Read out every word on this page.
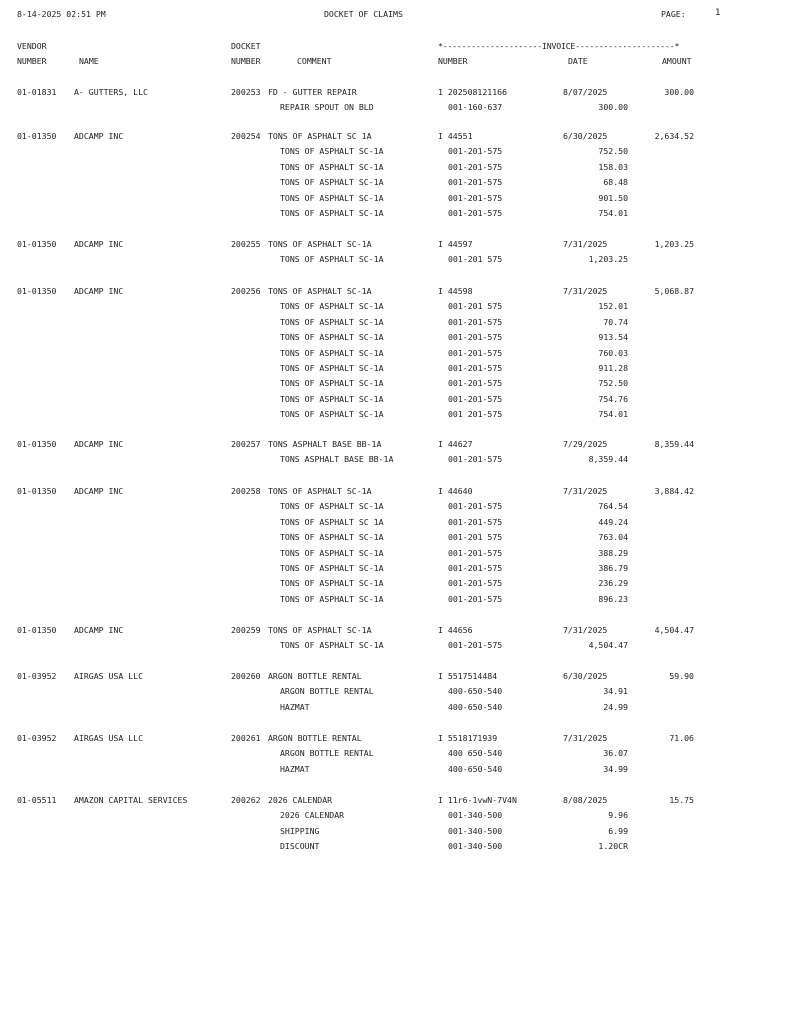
8-14-2025 02:51 PM	DOCKET OF CLAIMS	PAGE:	1
VENDOR
NUMBER	NAME
DOCKET
NUMBER	COMMENT
*---------------------INVOICE---------------------*
NUMBER	DATE	AMOUNT
01-01831 A- GUTTERS, LLC	200253 FD - GUTTER REPAIR	1 202508121166	8/07/2025	300.00
REPAIR SPOUT ON BLD	001-160-637	300.00
01-01350 ADCAMP INC	200254 TONS OF ASPHALT SC 1A	I 44551	6/30/2025	2,634.52
TONS OF ASPHALT SC-1A	001-201-575	752.50
TONS OF ASPHALT SC-1A	001-201-575	158.03
TONS OF ASPHALT SC-1A	001-201-575	68.48
TONS OF ASPHALT SC-1A	001-201-575	901.50
TONS OF ASPHALT SC-1A	001-201-575	754.01
01-01350 ADCAMP INC	200255 TONS OF ASPHALT SC-1A	I 44597	7/31/2025	1,203.25
TONS OF ASPHALT SC-1A	001-201 575	1,203.25
01-01350 ADCAMP INC	200256 TONS OF ASPHALT SC-1A	I 44598	7/31/2025	5,068.87
TONS OF ASPHALT SC-1A	001-201 575	152.01
TONS OF ASPHALT SC-1A	001-201-575	70.74
TONS OF ASPHALT SC-1A	001-201-575	913.54
TONS OF ASPHALT SC-1A	001-201-575	760.03
TONS OF ASPHALT SC-1A	001-201-575	911.28
TONS OF ASPHALT SC-1A	001-201-575	752.50
TONS OF ASPHALT SC-1A	001-201-575	754.76
TONS OF ASPHALT SC-1A	001 201-575	754.01
01-01350 ADCAMP INC	200257 TONS ASPHALT BASE BB-1A	I 44627	7/29/2025	8,359.44
TONS ASPHALT BASE BB-1A	001-201-575	8,359.44
01-01350 ADCAMP INC	200258 TONS OF ASPHALT SC-1A	I 44640	7/31/2025	3,884.42
TONS OF ASPHALT SC-1A	001-201-575	764.54
TONS OF ASPHALT SC 1A	001-201-575	449.24
TONS OF ASPHALT SC-1A	001-201 575	763.04
TONS OF ASPHALT SC-1A	001-201-575	388.29
TONS OF ASPHALT SC-1A	001-201-575	386.79
TONS OF ASPHALT SC-1A	001-201-575	236.29
TONS OF ASPHALT SC-1A	001-201-575	896.23
01-01350 ADCAMP INC	200259 TONS OF ASPHALT SC-1A	I 44656	7/31/2025	4,504.47
TONS OF ASPHALT SC-1A	001-201-575	4,504.47
01-03952 AIRGAS USA LLC	200260 ARGON BOTTLE RENTAL	I 5517514484	6/30/2025	59.90
ARGON BOTTLE RENTAL	400-650-540	34.91
HAZMAT	400-650-540	24.99
01-03952 AIRGAS USA LLC	200261 ARGON BOTTLE RENTAL	I 5518171939	7/31/2025	71.06
ARGON BOTTLE RENTAL	400 650-540	36.07
HAZMAT	400-650-540	34.99
01-05511 AMAZON CAPITAL SERVICES	200262 2026 CALENDAR	I 11r6-1vwN-7V4N	8/08/2025	15.75
2026 CALENDAR	001-340-500	9.96
SHIPPING	001-340-500	6.99
DISCOUNT	001-340-500	1.20CR
